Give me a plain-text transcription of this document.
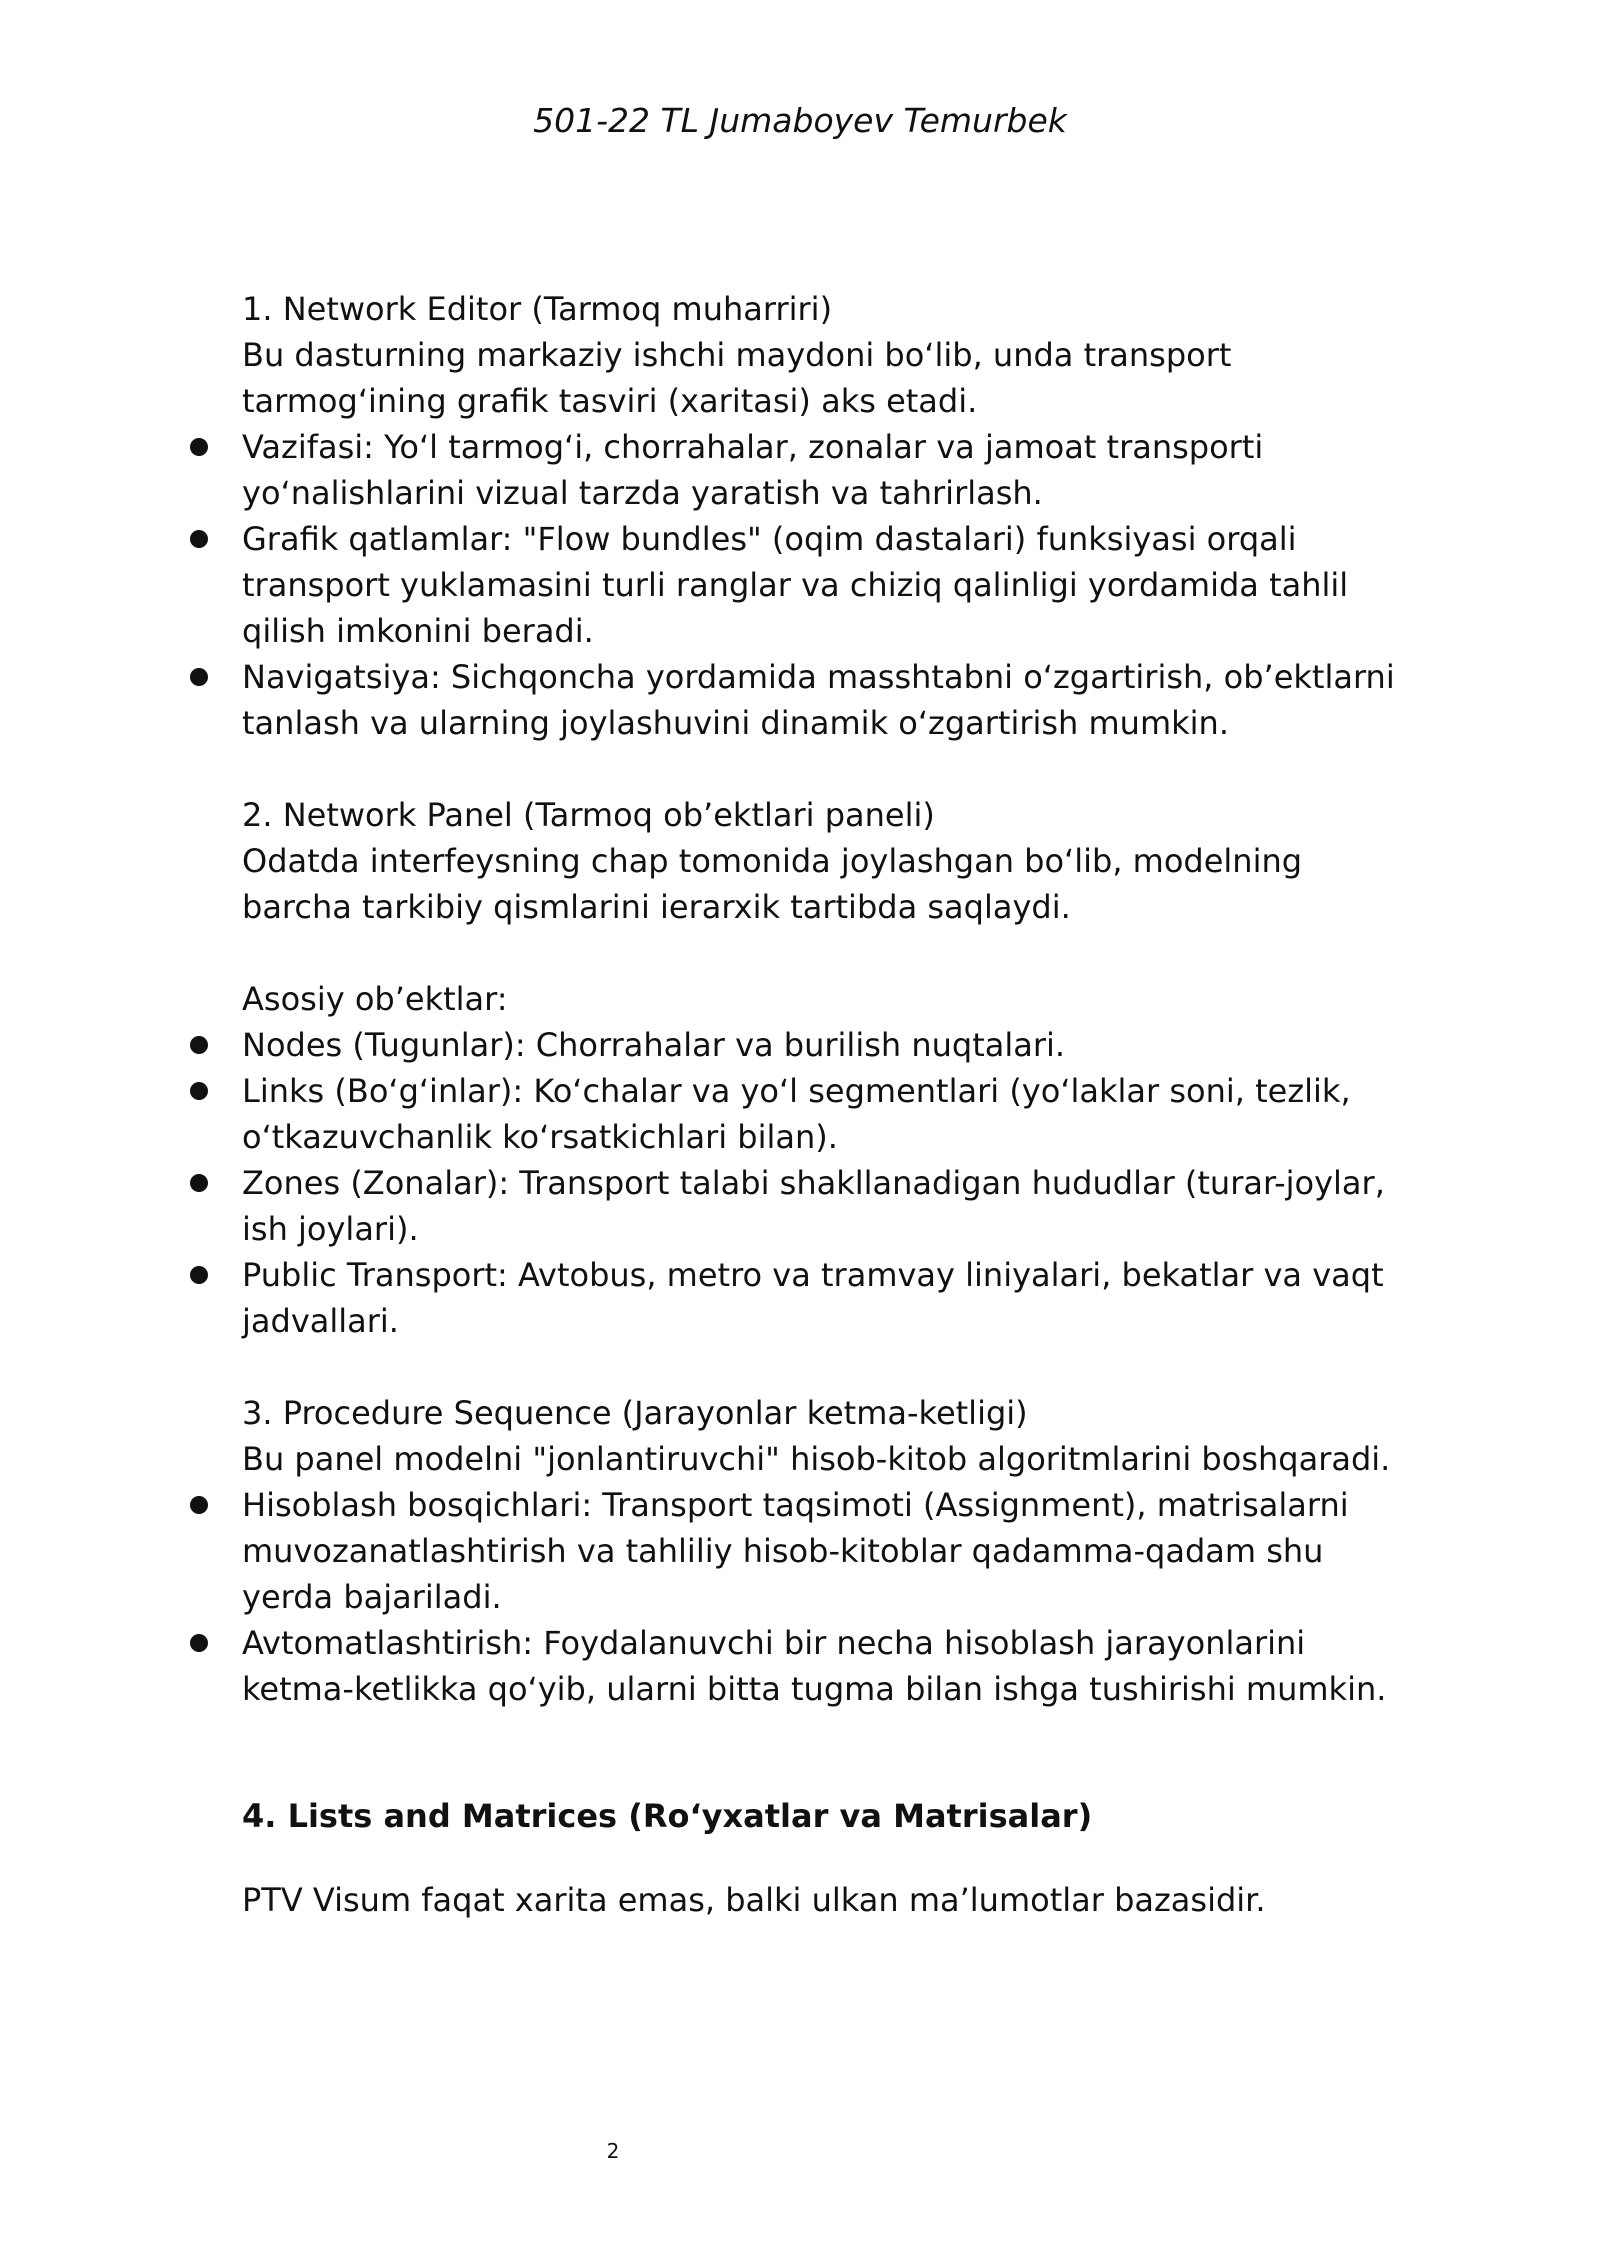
501-22 TL Jumaboyev Temurbek
1. Network Editor (Tarmoq muharriri)
Bu dasturning markaziy ishchi maydoni bo‘lib, unda transport
tarmog‘ining grafik tasviri (xaritasi) aks etadi.
Vazifasi: Yo‘l tarmog‘i, chorrahalar, zonalar va jamoat transporti
yo‘nalishlarini vizual tarzda yaratish va tahrirlash.
Grafik qatlamlar: "Flow bundles" (oqim dastalari) funksiyasi orqali
transport yuklamasini turli ranglar va chiziq qalinligi yordamida tahlil
qilish imkonini beradi.
Navigatsiya: Sichqoncha yordamida masshtabni o‘zgartirish, ob’ektlarni
tanlash va ularning joylashuvini dinamik o‘zgartirish mumkin.
2. Network Panel (Tarmoq ob’ektlari paneli)
Odatda interfeysning chap tomonida joylashgan bo‘lib, modelning
barcha tarkibiy qismlarini ierarxik tartibda saqlaydi.
Asosiy ob’ektlar:
Nodes (Tugunlar): Chorrahalar va burilish nuqtalari.
Links (Bo‘g‘inlar): Ko‘chalar va yo‘l segmentlari (yo‘laklar soni, tezlik,
o‘tkazuvchanlik ko‘rsatkichlari bilan).
Zones (Zonalar): Transport talabi shakllanadigan hududlar (turar-joylar,
ish joylari).
Public Transport: Avtobus, metro va tramvay liniyalari, bekatlar va vaqt
jadvallari.
3. Procedure Sequence (Jarayonlar ketma-ketligi)
Bu panel modelni "jonlantiruvchi" hisob-kitob algoritmlarini boshqaradi.
Hisoblash bosqichlari: Transport taqsimoti (Assignment), matrisalarni
muvozanatlashtirish va tahliliy hisob-kitoblar qadamma-qadam shu
yerda bajariladi.
Avtomatlashtirish: Foydalanuvchi bir necha hisoblash jarayonlarini
ketma-ketlikka qo‘yib, ularni bitta tugma bilan ishga tushirishi mumkin.
4. Lists and Matrices (Ro‘yxatlar va Matrisalar)
PTV Visum faqat xarita emas, balki ulkan ma’lumotlar bazasidir.
2
